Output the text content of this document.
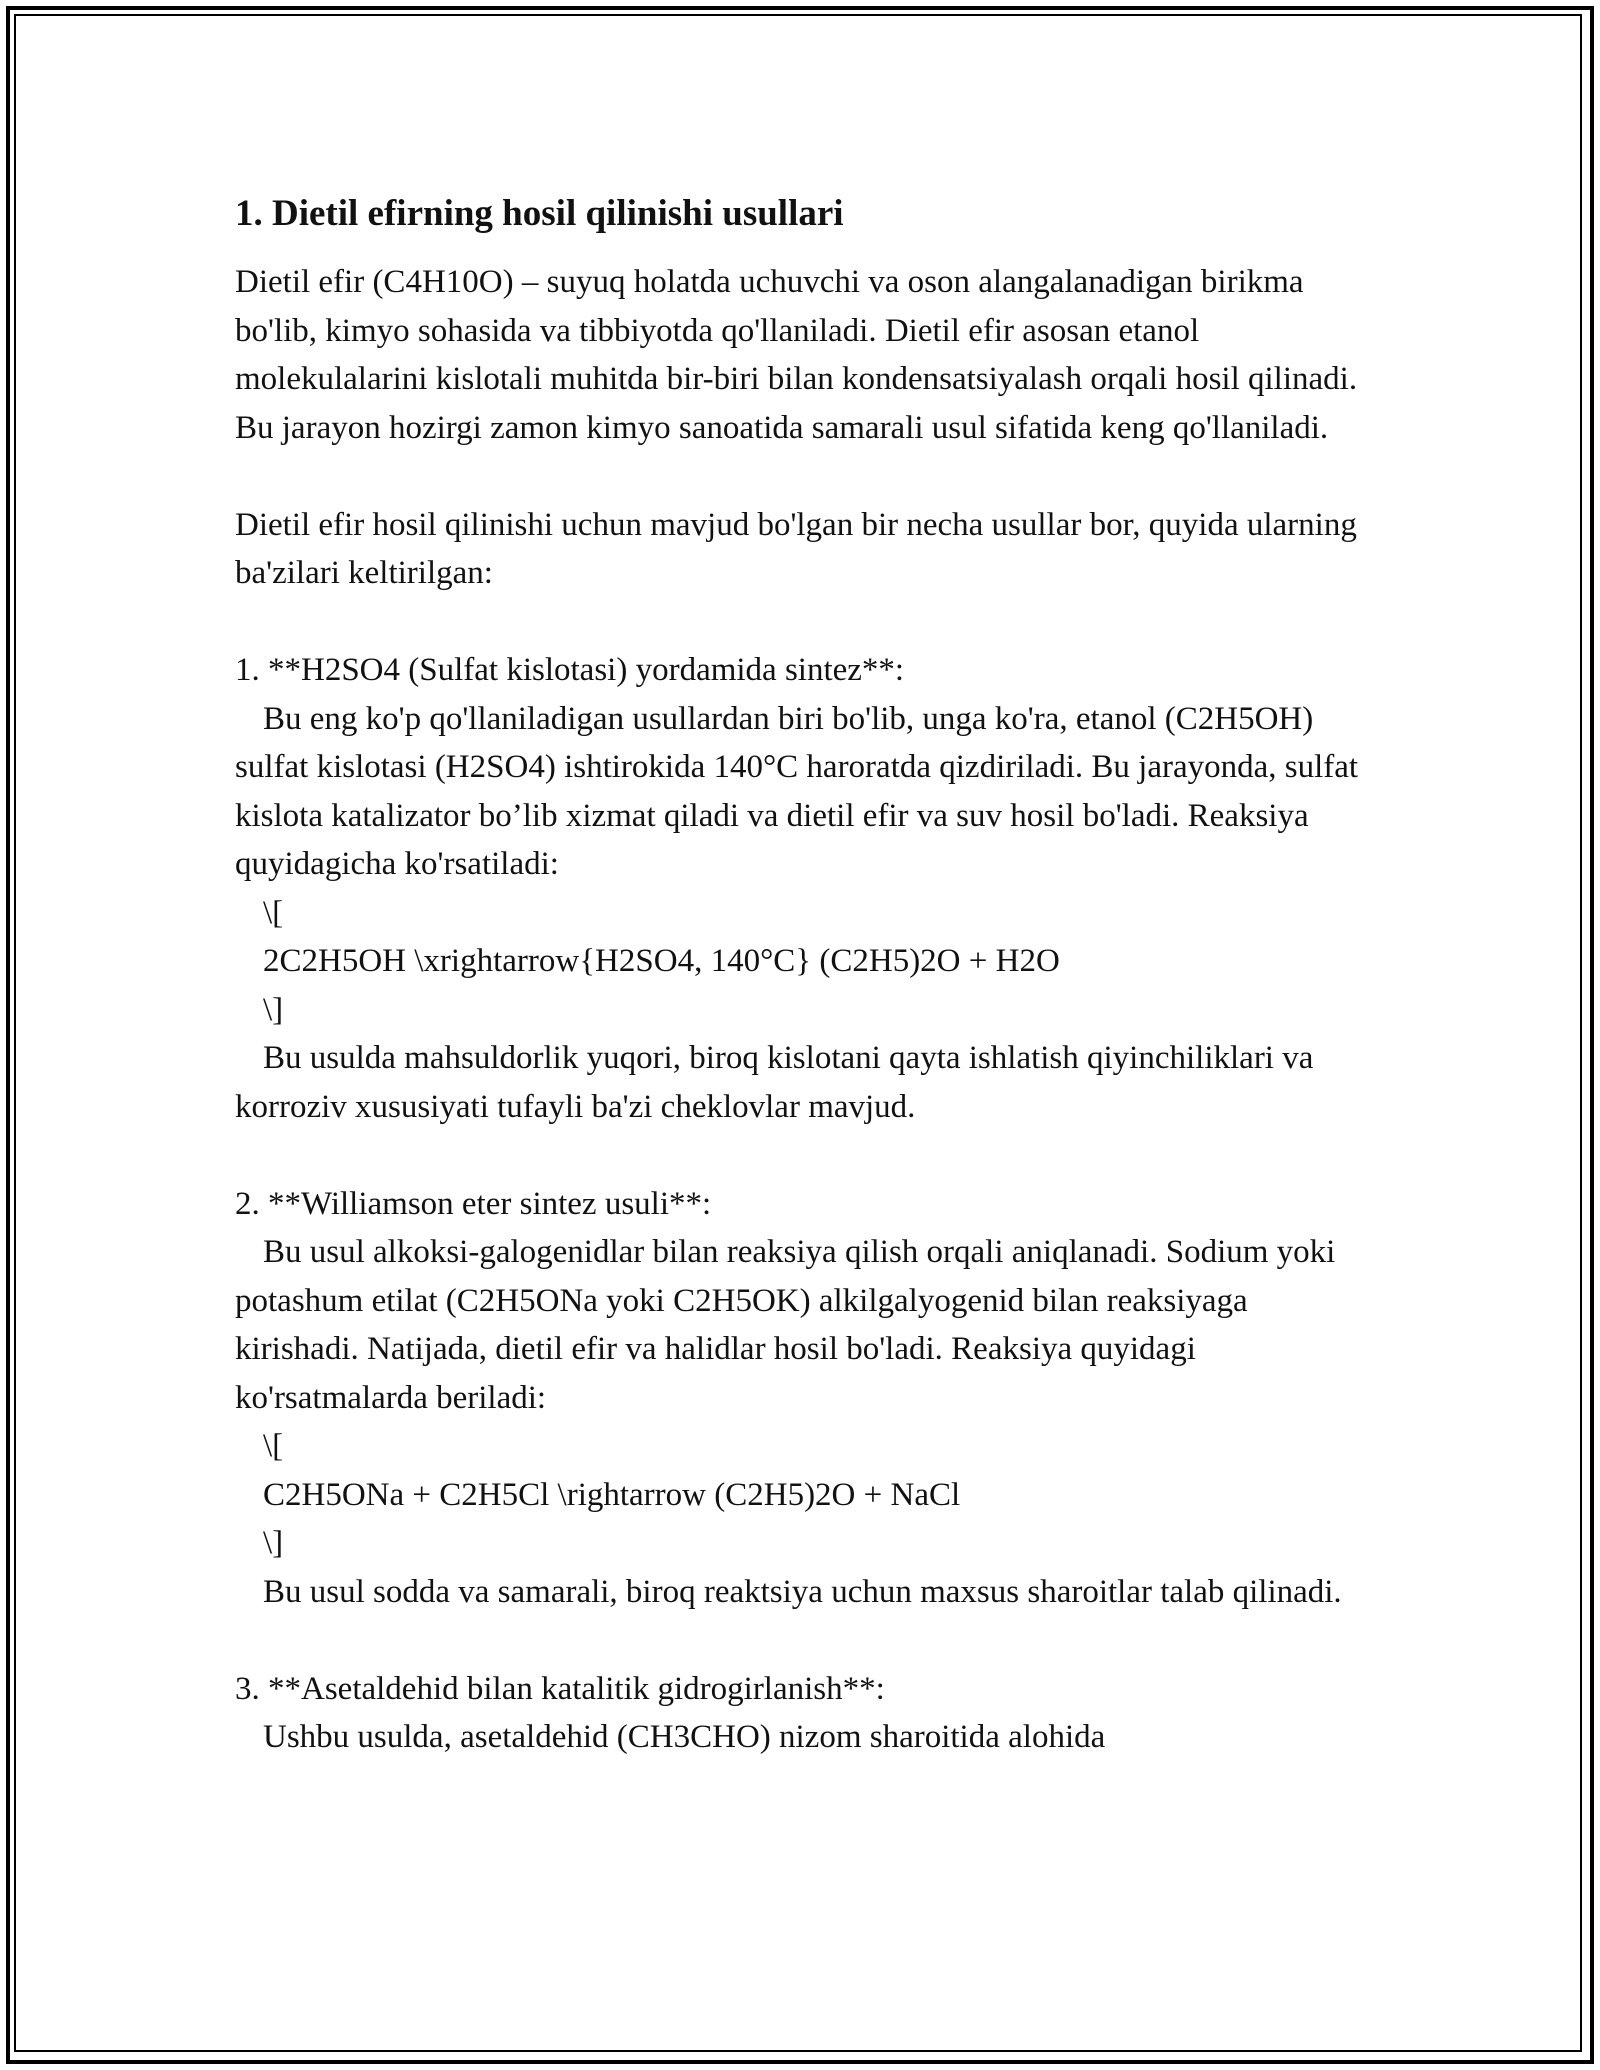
1. Dietil efirning hosil qilinishi usullari

Dietil efir (C4H10O) – suyuq holatda uchuvchi va oson alangalanadigan birikma bo'lib, kimyo sohasida va tibbiyotda qo'llaniladi. Dietil efir asosan etanol molekulalarini kislotali muhitda bir-biri bilan kondensatsiyalash orqali hosil qilinadi. Bu jarayon hozirgi zamon kimyo sanoatida samarali usul sifatida keng qo'llaniladi.

Dietil efir hosil qilinishi uchun mavjud bo'lgan bir necha usullar bor, quyida ularning ba'zilari keltirilgan:

1. **H2SO4 (Sulfat kislotasi) yordamida sintez**:

Bu eng ko'p qo'llaniladigan usullardan biri bo'lib, unga ko'ra, etanol (C2H5OH) sulfat kislotasi (H2SO4) ishtirokida 140°C haroratda qizdiriladi. Bu jarayonda, sulfat kislota katalizator bo’lib xizmat qiladi va dietil efir va suv hosil bo'ladi. Reaksiya quyidagicha ko'rsatiladi:

\[

2C2H5OH \xrightarrow{H2SO4, 140°C} (C2H5)2O + H2O

\]

Bu usulda mahsuldorlik yuqori, biroq kislotani qayta ishlatish qiyinchiliklari va korroziv xususiyati tufayli ba'zi cheklovlar mavjud.

2. **Williamson eter sintez usuli**:

Bu usul alkoksi-galogenidlar bilan reaksiya qilish orqali aniqlanadi. Sodium yoki potashum etilat (C2H5ONa yoki C2H5OK) alkilgalyogenid bilan reaksiyaga kirishadi. Natijada, dietil efir va halidlar hosil bo'ladi. Reaksiya quyidagi ko'rsatmalarda beriladi:

\[

C2H5ONa + C2H5Cl \rightarrow (C2H5)2O + NaCl

\]

Bu usul sodda va samarali, biroq reaktsiya uchun maxsus sharoitlar talab qilinadi.

3. **Asetaldehid bilan katalitik gidrogirlanish**:

Ushbu usulda, asetaldehid (CH3CHO) nizom sharoitida alohida
